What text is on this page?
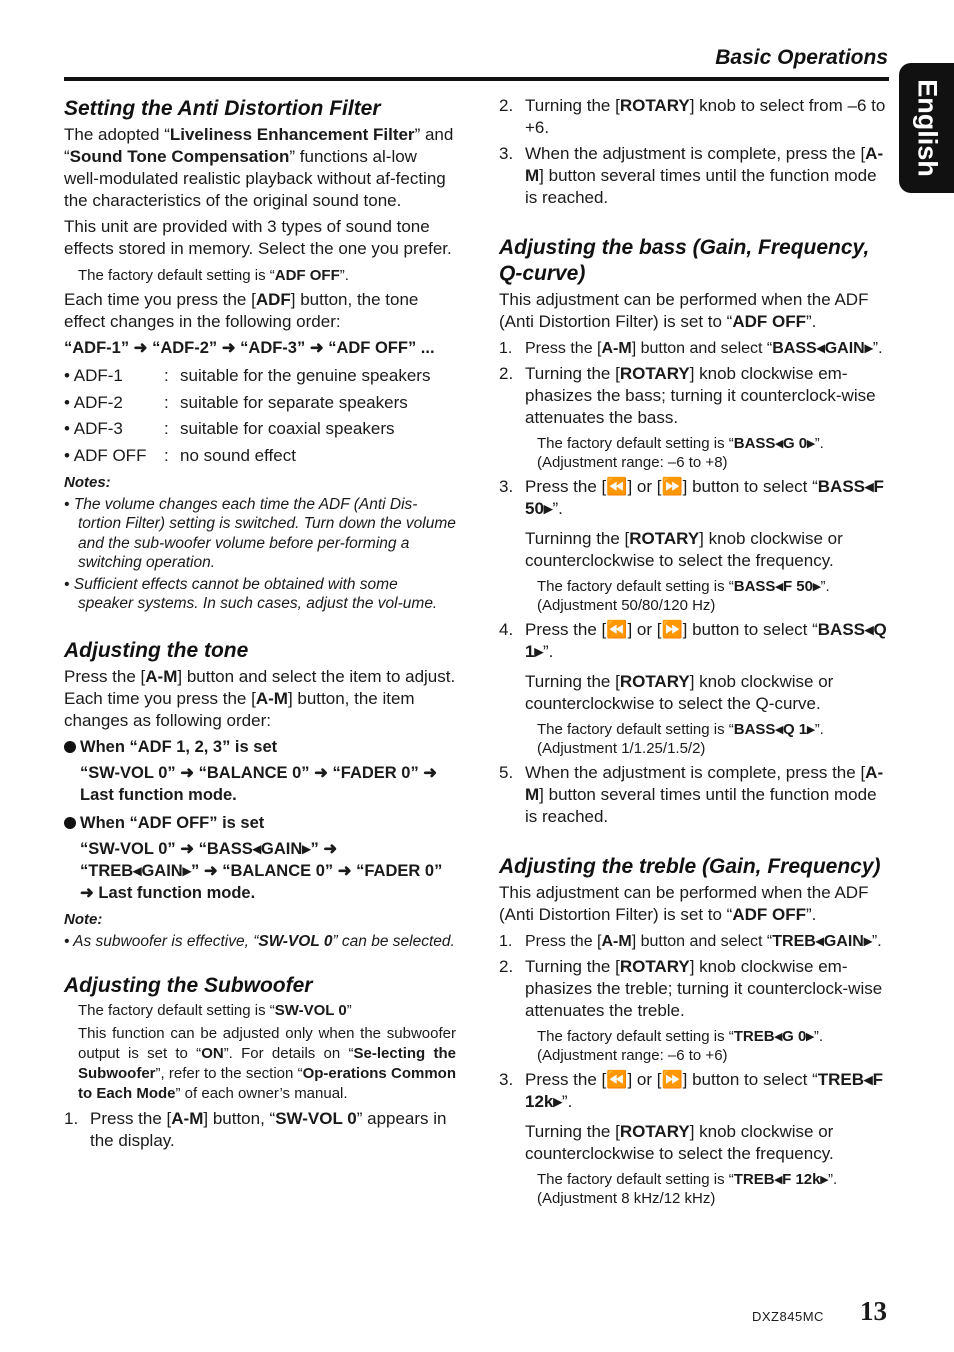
Basic Operations
English
Setting the Anti Distortion Filter

The adopted “Liveliness Enhancement Filter” and “Sound Tone Compensation” functions al-low well-modulated realistic playback without af-fecting the characteristics of the original sound tone.

This unit are provided with 3 types of sound tone effects stored in memory. Select the one you prefer.

The factory default setting is “ADF OFF”.

Each time you press the [ADF] button, the tone effect changes in the following order:

“ADF-1” ➜ “ADF-2” ➜ “ADF-3” ➜ “ADF OFF” ...

• ADF-1	: suitable for the genuine speakers
• ADF-2	: suitable for separate speakers
• ADF-3	: suitable for coaxial speakers
• ADF OFF	: no sound effect
Notes:
• The volume changes each time the ADF (Anti Dis-tortion Filter) setting is switched. Turn down the volume and the sub-woofer volume before per-forming a switching operation.
• Sufficient effects cannot be obtained with some speaker systems. In such cases, adjust the vol-ume.
Adjusting the tone

Press the [A-M] button and select the item to adjust. Each time you press the [A-M] button, the item changes as following order:

When “ADF 1, 2, 3” is set
“SW-VOL 0” ➜ “BALANCE 0” ➜ “FADER 0” ➜ Last function mode.
When “ADF OFF” is set
“SW-VOL 0” ➜ “BASS◂GAIN▸” ➜ “TREB◂GAIN▸” ➜ “BALANCE 0” ➜ “FADER 0” ➜ Last function mode.
Note:
• As subwoofer is effective, “SW-VOL 0” can be selected.
Adjusting the Subwoofer

The factory default setting is “SW-VOL 0”

This function can be adjusted only when the subwoofer output is set to “ON”. For details on “Se-lecting the Subwoofer”, refer to the section “Op-erations Common to Each Mode” of each owner’s manual.

1. Press the [A-M] button, “SW-VOL 0” appears in the display.
2. Turning the [ROTARY] knob to select from –6 to +6.
3. When the adjustment is complete, press the [A-M] button several times until the function mode is reached.
Adjusting the bass (Gain, Frequency, Q-curve)

This adjustment can be performed when the ADF (Anti Distortion Filter) is set to “ADF OFF”.

1. Press the [A-M] button and select “BASS◂GAIN▸”.
2. Turning the [ROTARY] knob clockwise em-phasizes the bass; turning it counterclock-wise attenuates the bass.

The factory default setting is “BASS◂G 0▸”. (Adjustment range: –6 to +8)

3. Press the [⏪] or [⏩] button to select “BASS◂F 50▸”.

Turninng the [ROTARY] knob clockwise or counterclockwise to select the frequency.

The factory default setting is “BASS◂F 50▸”.(Adjustment 50/80/120 Hz)

4. Press the [⏪] or [⏩] button to select “BASS◂Q 1▸”.

Turning the [ROTARY] knob clockwise or counterclockwise to select the Q-curve.

The factory default setting is “BASS◂Q 1▸”. (Adjustment 1/1.25/1.5/2)

5. When the adjustment is complete, press the [A-M] button several times until the function mode is reached.
Adjusting the treble (Gain, Frequency)

This adjustment can be performed when the ADF (Anti Distortion Filter) is set to “ADF OFF”.

1. Press the [A-M] button and select “TREB◂GAIN▸”.
2. Turning the [ROTARY] knob clockwise em-phasizes the treble; turning it counterclock-wise attenuates the treble.

The factory default setting is “TREB◂G 0▸”. (Adjustment range: –6 to +6)

3. Press the [⏪] or [⏩] button to select “TREB◂F 12k▸”.

Turning the [ROTARY] knob clockwise or counterclockwise to select the frequency.

The factory default setting is “TREB◂F 12k▸”. (Adjustment 8 kHz/12 kHz)

DXZ845MC 13
